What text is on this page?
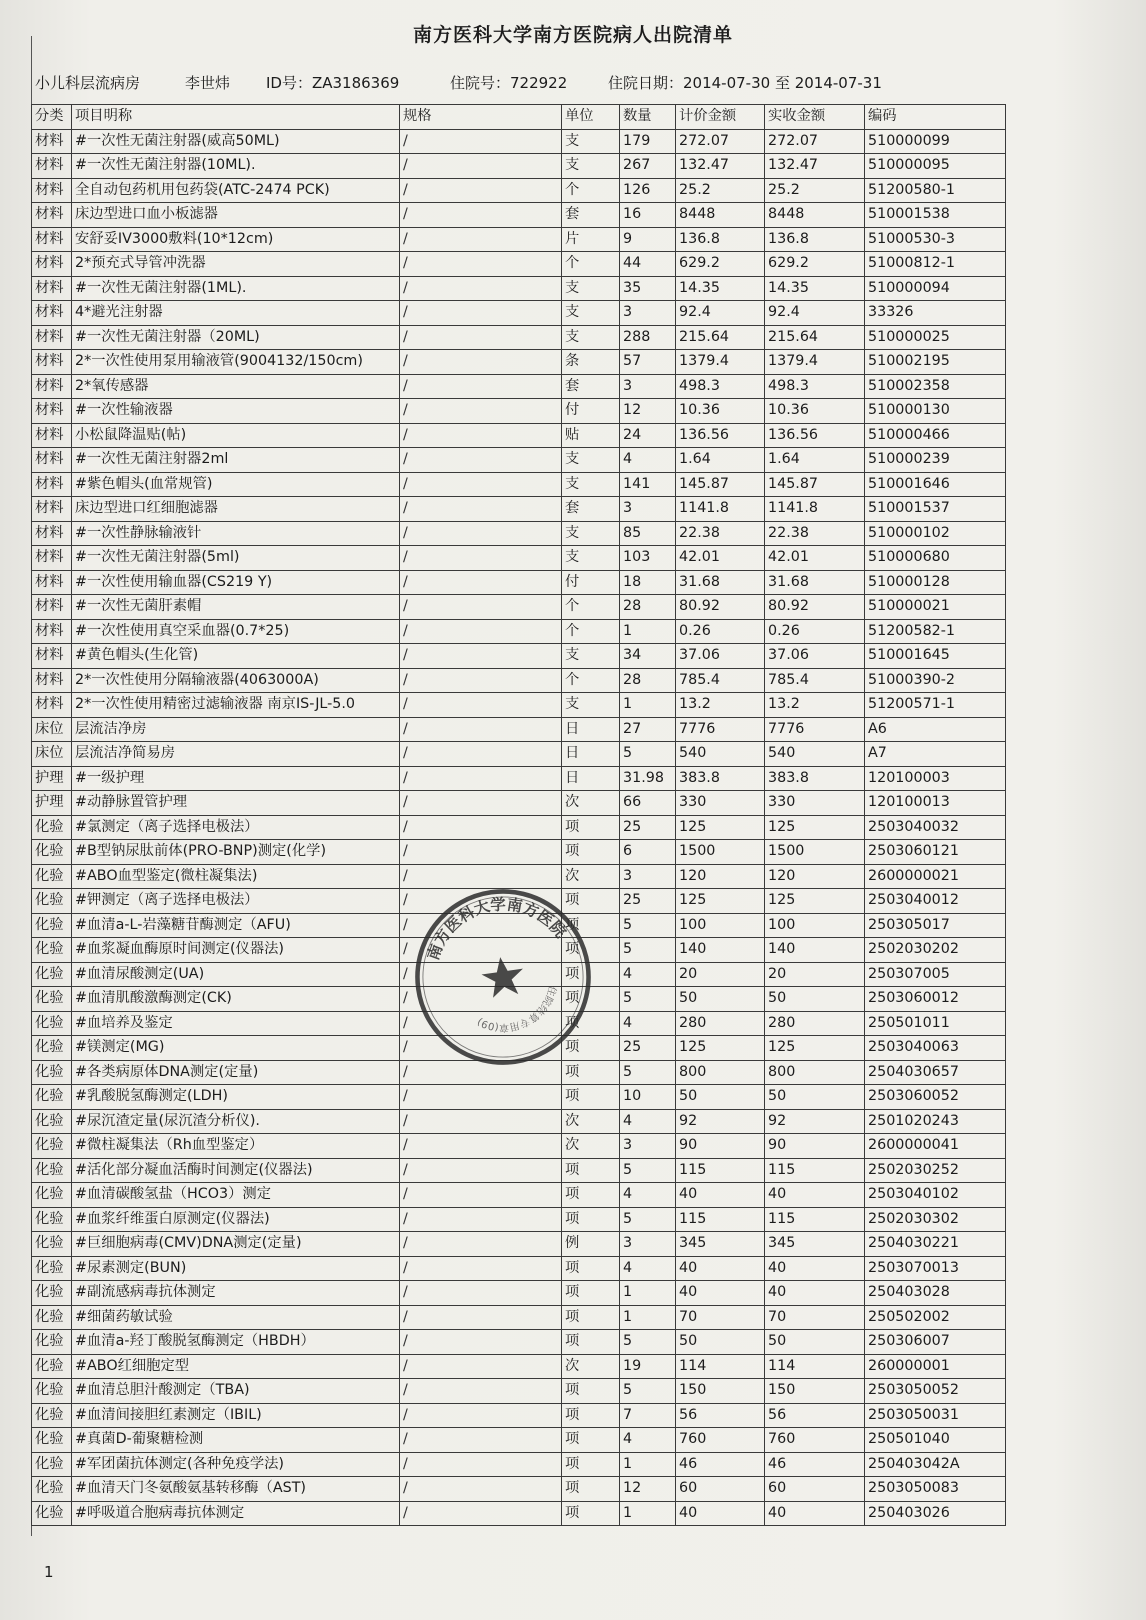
南方医科大学南方医院病人出院清单
小儿科层流病房	李世炜 ID号：ZA3186369	住院号：722922	住院日期：2014-07-30 至 2014-07-31
分类	项目明称	规格	单位	数量	计价金额	实收金额	编码
材料	#一次性无菌注射器(威高50ML)	/	支	179	272.07	272.07	510000099
材料	#一次性无菌注射器(10ML).	/	支	267	132.47	132.47	510000095
材料	全自动包药机用包药袋(ATC-2474 PCK)	/	个	126	25.2	25.2	51200580-1
材料	床边型进口血小板滤器	/	套	16	8448	8448	510001538
材料	安舒妥IV3000敷料(10*12cm)	/	片	9	136.8	136.8	51000530-3
材料	2*预充式导管冲洗器	/	个	44	629.2	629.2	51000812-1
材料	#一次性无菌注射器(1ML).	/	支	35	14.35	14.35	510000094
材料	4*避光注射器	/	支	3	92.4	92.4	33326
材料	#一次性无菌注射器（20ML)	/	支	288	215.64	215.64	510000025
材料	2*一次性使用泵用输液管(9004132/150cm)	/	条	57	1379.4	1379.4	510002195
材料	2*氧传感器	/	套	3	498.3	498.3	510002358
材料	#一次性输液器	/	付	12	10.36	10.36	510000130
材料	小松鼠降温贴(帖)	/	贴	24	136.56	136.56	510000466
材料	#一次性无菌注射器2ml	/	支	4	1.64	1.64	510000239
材料	#紫色帽头(血常规管)	/	支	141	145.87	145.87	510001646
材料	床边型进口红细胞滤器	/	套	3	1141.8	1141.8	510001537
材料	#一次性静脉输液针	/	支	85	22.38	22.38	510000102
材料	#一次性无菌注射器(5ml)	/	支	103	42.01	42.01	510000680
材料	#一次性使用输血器(CS219 Y)	/	付	18	31.68	31.68	510000128
材料	#一次性无菌肝素帽	/	个	28	80.92	80.92	510000021
材料	#一次性使用真空采血器(0.7*25)	/	个	1	0.26	0.26	51200582-1
材料	#黄色帽头(生化管)	/	支	34	37.06	37.06	510001645
材料	2*一次性使用分隔输液器(4063000A)	/	个	28	785.4	785.4	51000390-2
材料	2*一次性使用精密过滤输液器 南京IS-JL-5.0	/	支	1	13.2	13.2	51200571-1
床位	层流洁净房	/	日	27	7776	7776	A6
床位	层流洁净简易房	/	日	5	540	540	A7
护理	#一级护理	/	日	31.98	383.8	383.8	120100003
护理	#动静脉置管护理	/	次	66	330	330	120100013
化验	#氯测定（离子选择电极法）	/	项	25	125	125	2503040032
化验	#B型钠尿肽前体(PRO-BNP)测定(化学)	/	项	6	1500	1500	2503060121
化验	#ABO血型鉴定(微柱凝集法)	/	次	3	120	120	2600000021
化验	#钾测定（离子选择电极法）	/	项	25	125	125	2503040012
化验	#血清a-L-岩藻糖苷酶测定（AFU)	/	项	5	100	100	250305017
化验	#血浆凝血酶原时间测定(仪器法)	/	项	5	140	140	2502030202
化验	#血清尿酸测定(UA)	/	项	4	20	20	250307005
化验	#血清肌酸激酶测定(CK)	/	项	5	50	50	2503060012
化验	#血培养及鉴定	/	项	4	280	280	250501011
化验	#镁测定(MG)	/	项	25	125	125	2503040063
化验	#各类病原体DNA测定(定量)	/	项	5	800	800	2504030657
化验	#乳酸脱氢酶测定(LDH)	/	项	10	50	50	2503060052
化验	#尿沉渣定量(尿沉渣分析仪).	/	次	4	92	92	2501020243
化验	#微柱凝集法（Rh血型鉴定）	/	次	3	90	90	2600000041
化验	#活化部分凝血活酶时间测定(仪器法)	/	项	5	115	115	2502030252
化验	#血清碳酸氢盐（HCO3）测定	/	项	4	40	40	2503040102
化验	#血浆纤维蛋白原测定(仪器法)	/	项	5	115	115	2502030302
化验	#巨细胞病毒(CMV)DNA测定(定量)	/	例	3	345	345	2504030221
化验	#尿素测定(BUN)	/	项	4	40	40	2503070013
化验	#副流感病毒抗体测定	/	项	1	40	40	250403028
化验	#细菌药敏试验	/	项	1	70	70	250502002
化验	#血清a-羟丁酸脱氢酶测定（HBDH）	/	项	5	50	50	250306007
化验	#ABO红细胞定型	/	次	19	114	114	260000001
化验	#血清总胆汁酸测定（TBA)	/	项	5	150	150	2503050052
化验	#血清间接胆红素测定（IBIL)	/	项	7	56	56	2503050031
化验	#真菌D-葡聚糖检测	/	项	4	760	760	250501040
化验	#军团菌抗体测定(各种免疫学法)	/	项	1	46	46	250403042A
化验	#血清天门冬氨酸氨基转移酶（AST)	/	项	12	60	60	2503050083
化验	#呼吸道合胞病毒抗体测定	/	项	1	40	40	250403026
南方医科大学南方医院
住院结算专用章(09)
1
